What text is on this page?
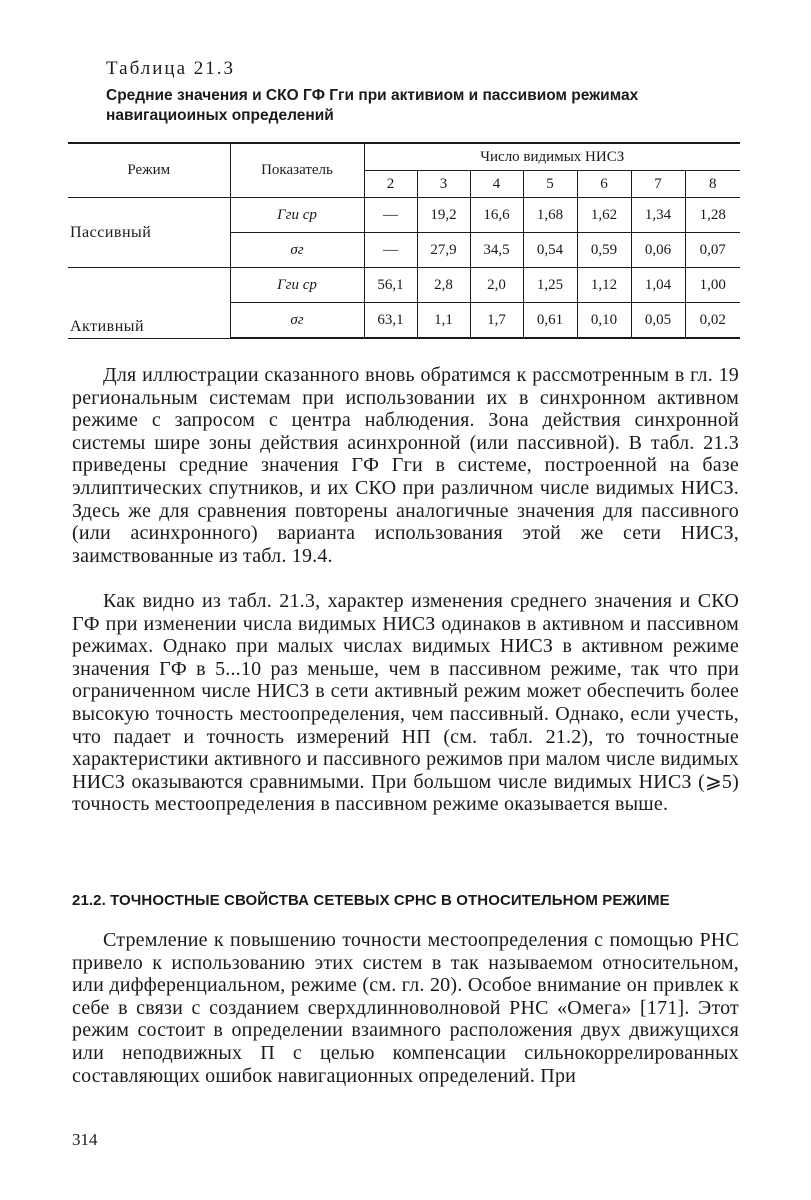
Таблица 21.3
Средние значения и СКО ГФ Гги при активиом и пассивиом режимах навигациоиных определений
Режим	Показатель	Число видимых НИСЗ						
		2	3	4	5	6	7	8
Пассивный	Гги ср	—	19,2	16,6	1,68	1,62	1,34	1,28
	σг	—	27,9	34,5	0,54	0,59	0,06	0,07
Активный	Гги ср	56,1	2,8	2,0	1,25	1,12	1,04	1,00
	σг	63,1	1,1	1,7	0,61	0,10	0,05	0,02
Для иллюстрации сказанного вновь обратимся к рассмотренным в гл. 19 региональным системам при использовании их в синхронном активном режиме с запросом с центра наблюдения. Зона действия синхронной системы шире зоны действия асинхронной (или пассивной). В табл. 21.3 приведены средние значения ГФ Гги в системе, построенной на базе эллиптических спутников, и их СКО при различном числе видимых НИСЗ. Здесь же для сравнения повторены аналогичные значения для пассивного (или асинхронного) варианта использования этой же сети НИСЗ, заимствованные из табл. 19.4.
Как видно из табл. 21.3, характер изменения среднего значения и СКО ГФ при изменении числа видимых НИСЗ одинаков в активном и пассивном режимах. Однако при малых числах видимых НИСЗ в активном режиме значения ГФ в 5...10 раз меньше, чем в пассивном режиме, так что при ограниченном числе НИСЗ в сети активный режим может обеспечить более высокую точность местоопределения, чем пассивный. Однако, если учесть, что падает и точность измерений НП (см. табл. 21.2), то точностные характеристики активного и пассивного режимов при малом числе видимых НИСЗ оказываются сравнимыми. При большом числе видимых НИСЗ (⩾5) точность местоопределения в пассивном режиме оказывается выше.
21.2. ТОЧНОСТНЫЕ СВОЙСТВА СЕТЕВЫХ СРНС В ОТНОСИТЕЛЬНОМ РЕЖИМЕ
Стремление к повышению точности местоопределения с помощью РНС привело к использованию этих систем в так называемом относительном, или дифференциальном, режиме (см. гл. 20). Особое внимание он привлек к себе в связи с созданием сверхдлинноволновой РНС «Омега» [171]. Этот режим состоит в определении взаимного расположения двух движущихся или неподвижных П с целью компенсации сильнокоррелированных составляющих ошибок навигационных определений. При
314
